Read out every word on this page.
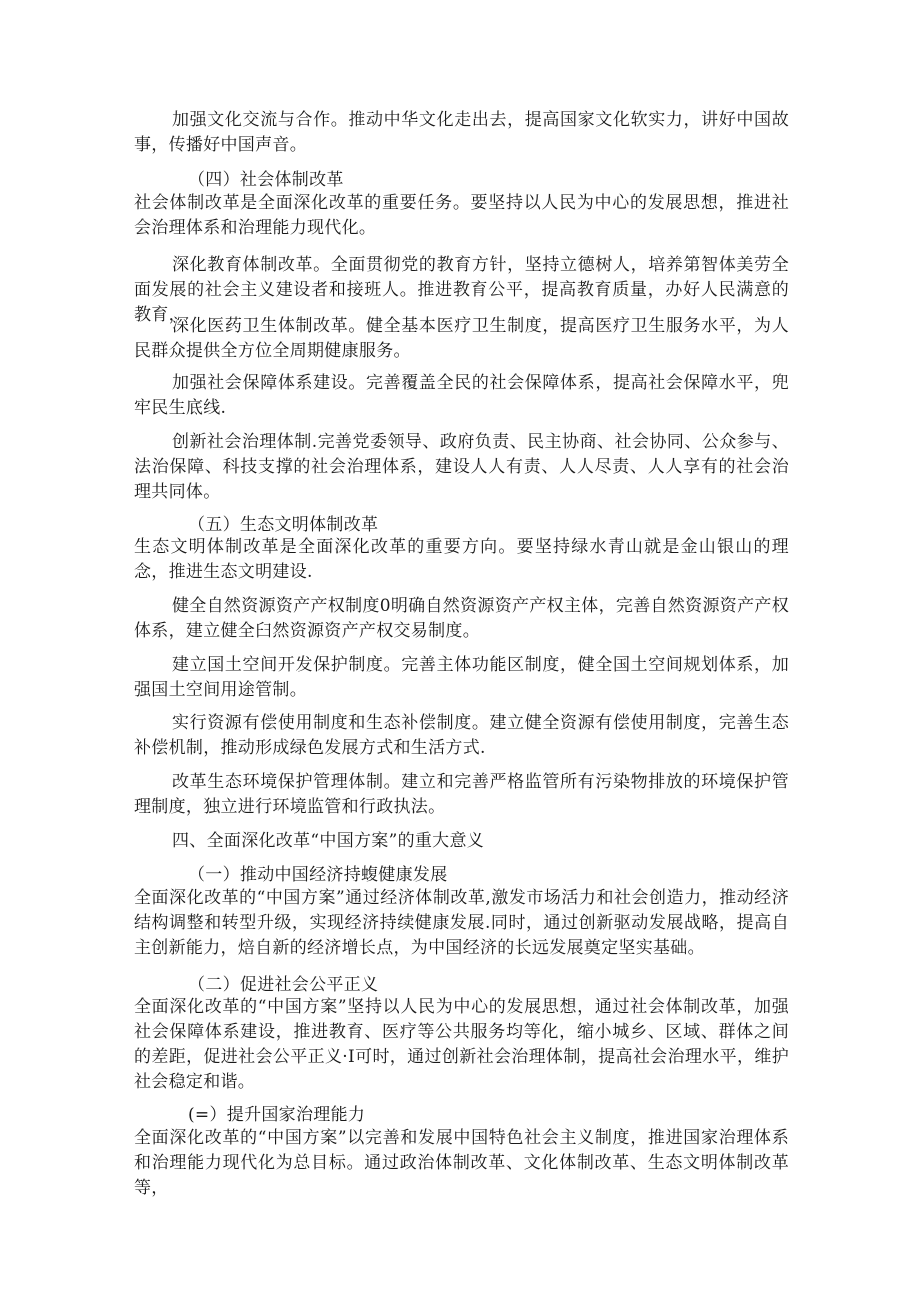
加强文化交流与合作。推动中华文化走出去，提高国家文化软实力，讲好中国故事，传播好中国声音。

（四）社会体制改革

社会体制改革是全面深化改革的重要任务。要坚持以人民为中心的发展思想，推进社会治理体系和治理能力现代化。

深化教育体制改革。全面贯彻党的教育方针，坚持立德树人，培养第智体美劳全面发展的社会主义建设者和接班人。推进教育公平，提高教育质量，办好人民满意的教育，

深化医药卫生体制改革。健全基本医疗卫生制度，提高医疗卫生服务水平，为人民群众提供全方位全周期健康服务。

加强社会保障体系建设。完善覆盖全民的社会保障体系，提高社会保障水平，兜牢民生底线.

创新社会治理体制.完善党委领导、政府负责、民主协商、社会协同、公众参与、法治保障、科技支撑的社会治理体系，建设人人有责、人人尽责、人人享有的社会治理共同体。

（五）生态文明体制改革

生态文明体制改革是全面深化改革的重要方向。要坚持绿水青山就是金山银山的理念，推进生态文明建设.

健全自然资源资产产权制度0明确自然资源资产产权主体，完善自然资源资产产权体系，建立健全臼然资源资产产权交易制度。

建立国土空间开发保护制度。完善主体功能区制度，健全国土空间规划体系，加强国土空间用途管制。

实行资源有偿使用制度和生态补偿制度。建立健全资源有偿使用制度，完善生态补偿机制，推动形成绿色发展方式和生活方式.

改革生态环境保护管理体制。建立和完善严格监管所有污染物排放的环境保护管理制度，独立进行环境监管和行政执法。

四、全面深化改革“中国方案”的重大意义

（一）推动中国经济持蝮健康发展

全面深化改革的“中国方案”通过经济体制改革,激发市场活力和社会创造力，推动经济结构调整和转型升级，实现经济持续健康发展.同时，通过创新驱动发展战略，提高自主创新能力，焙自新的经济增长点，为中国经济的长远发展奠定坚实基础。

（二）促进社会公平正义

全面深化改革的“中国方案”坚持以人民为中心的发展思想，通过社会体制改革，加强社会保障体系建设，推进教育、医疗等公共服务均等化，缩小城乡、区域、群体之间的差距，促进社会公平正义·I可时，通过创新社会治理体制，提高社会治理水平，维护社会稳定和谐。

(=）提升国家治理能力

全面深化改革的“中国方案”以完善和发展中国特色社会主义制度，推进国家治理体系和治理能力现代化为总目标。通过政治体制改革、文化体制改革、生态文明体制改革等，
